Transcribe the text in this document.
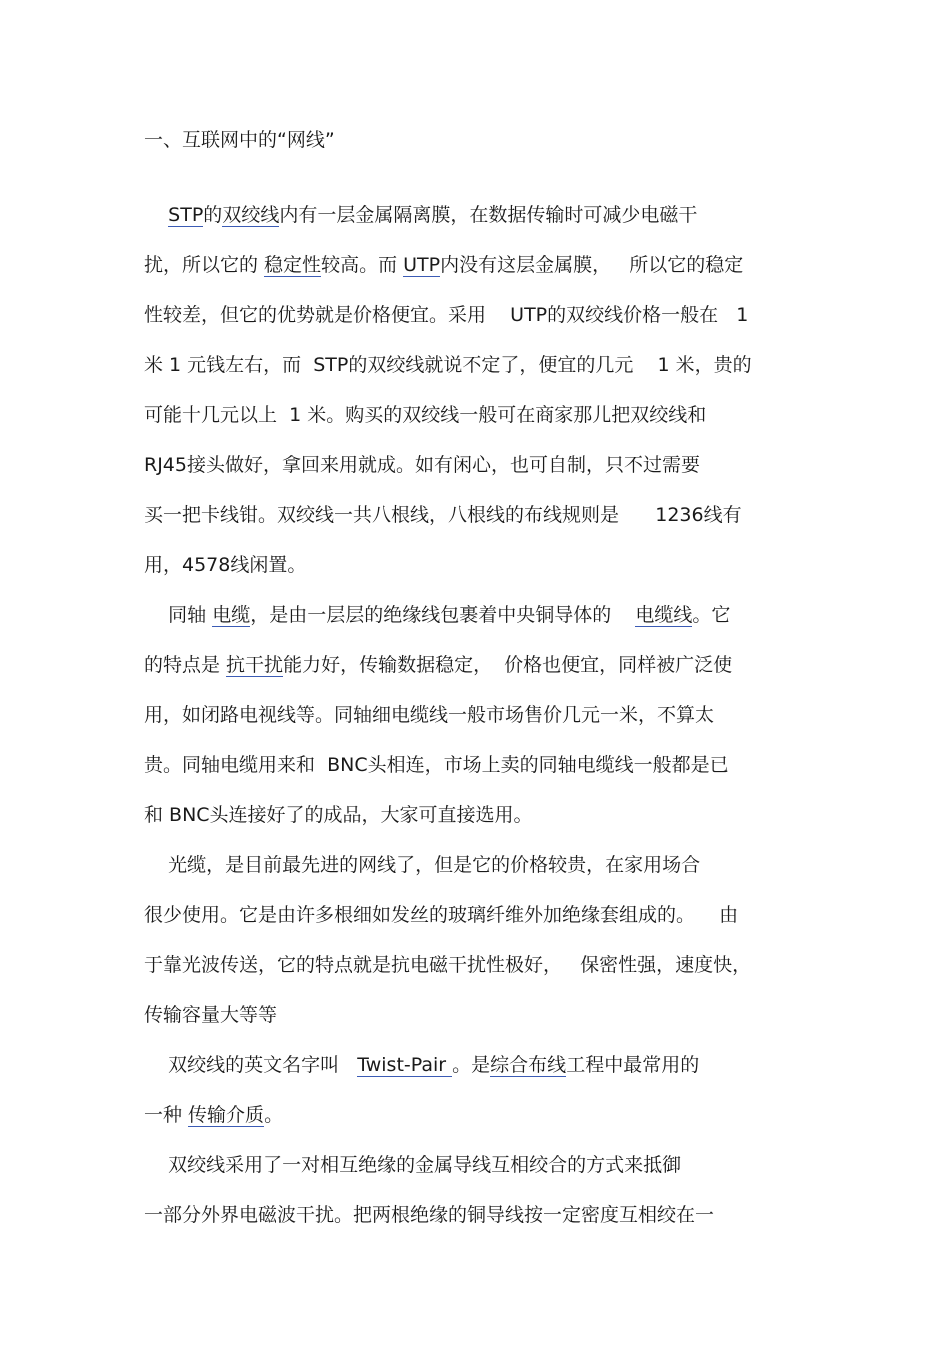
一、互联网中的“网线”
STP的双绞线内有一层金属隔离膜，在数据传输时可减少电磁干
扰，所以它的 稳定性较高。而 UTP内没有这层金属膜，   所以它的稳定
性较差，但它的优势就是价格便宜。采用    UTP的双绞线价格一般在   1
米 1 元钱左右，而  STP的双绞线就说不定了，便宜的几元    1 米，贵的
可能十几元以上  1 米。购买的双绞线一般可在商家那儿把双绞线和
RJ45接头做好，拿回来用就成。如有闲心，也可自制，只不过需要
买一把卡线钳。双绞线一共八根线，八根线的布线规则是      1236线有
用，4578线闲置。
同轴 电缆，是由一层层的绝缘线包裹着中央铜导体的    电缆线。它
的特点是 抗干扰能力好，传输数据稳定，  价格也便宜，同样被广泛使
用，如闭路电视线等。同轴细电缆线一般市场售价几元一米，不算太
贵。同轴电缆用来和  BNC头相连，市场上卖的同轴电缆线一般都是已
和 BNC头连接好了的成品，大家可直接选用。
光缆，是目前最先进的网线了，但是它的价格较贵，在家用场合
很少使用。它是由许多根细如发丝的玻璃纤维外加绝缘套组成的。    由
于靠光波传送，它的特点就是抗电磁干扰性极好，   保密性强，速度快，
传输容量大等等
双绞线的英文名字叫   Twist-Pair 。是综合布线工程中最常用的
一种 传输介质。
双绞线采用了一对相互绝缘的金属导线互相绞合的方式来抵御
一部分外界电磁波干扰。把两根绝缘的铜导线按一定密度互相绞在一
